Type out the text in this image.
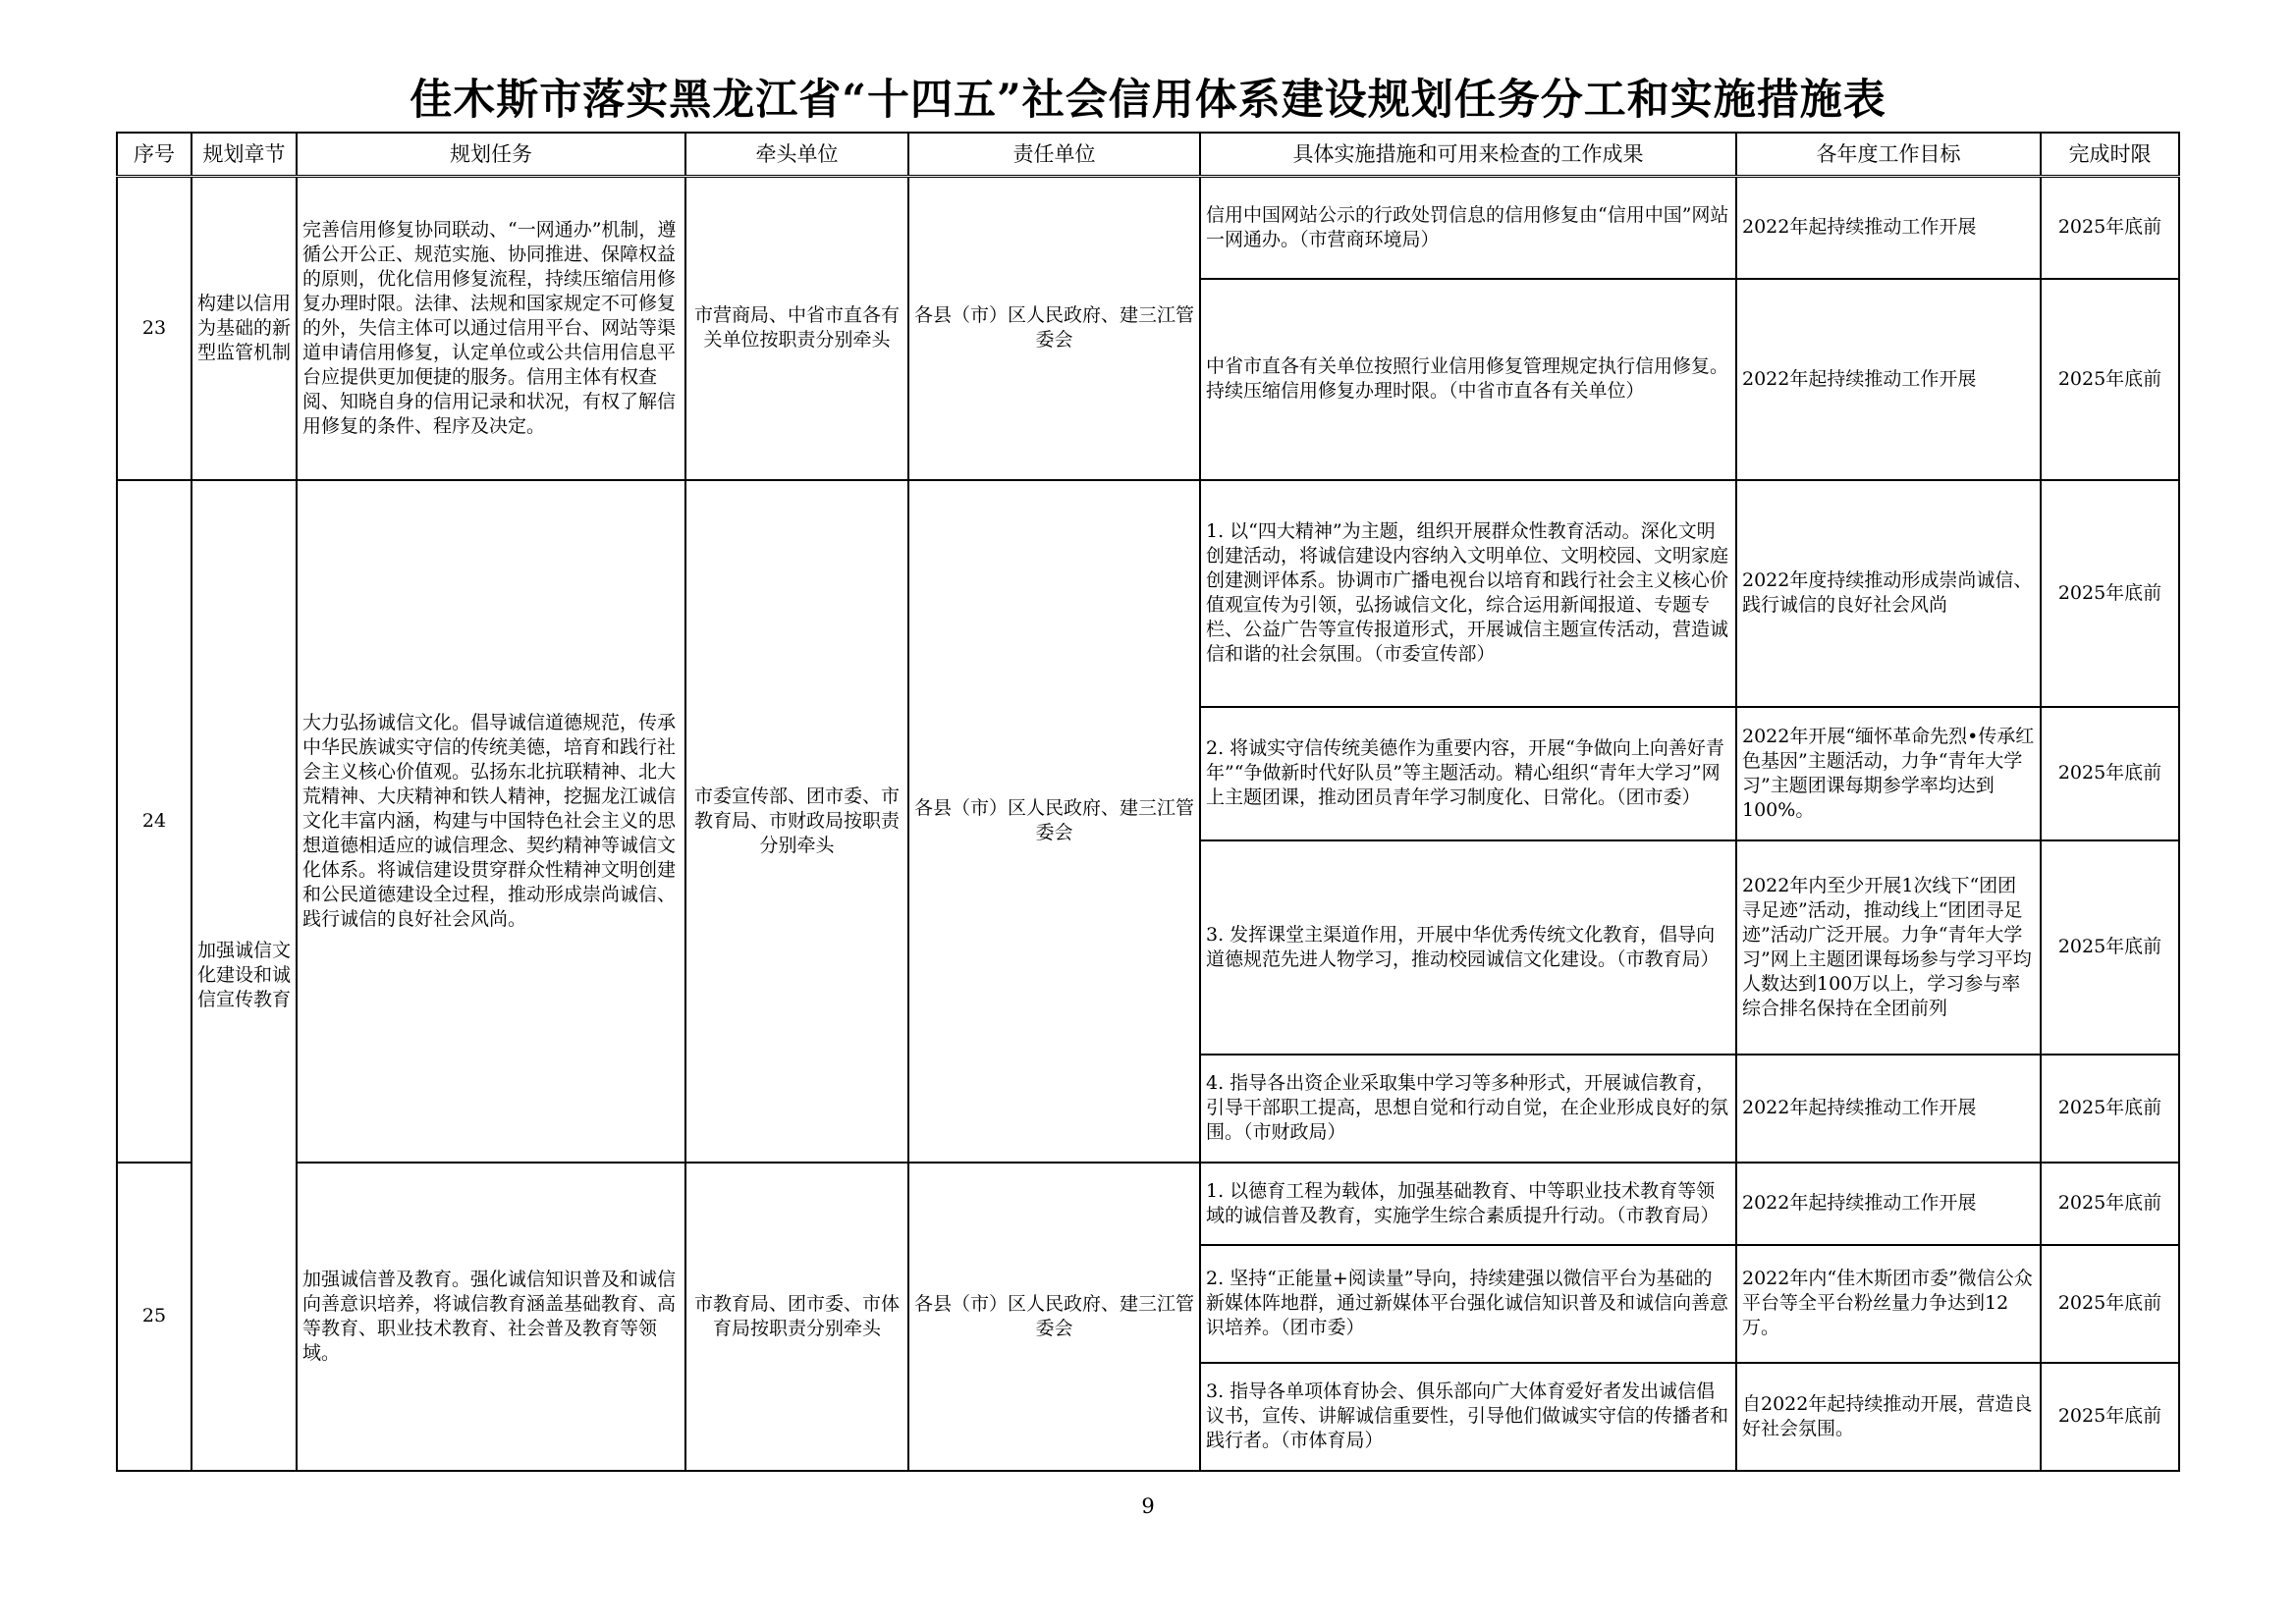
佳木斯市落实黑龙江省“十四五”社会信用体系建设规划任务分工和实施措施表
序号	规划章节	规划任务	牵头单位	责任单位	具体实施措施和可用来检查的工作成果	各年度工作目标	完成时限
23	构建以信用为基础的新型监管机制	完善信用修复协同联动、“一网通办”机制，遵循公开公正、规范实施、协同推进、保障权益的原则，优化信用修复流程，持续压缩信用修复办理时限。法律、法规和国家规定不可修复的外，失信主体可以通过信用平台、网站等渠道申请信用修复，认定单位或公共信用信息平台应提供更加便捷的服务。信用主体有权查阅、知晓自身的信用记录和状况，有权了解信用修复的条件、程序及决定。	市营商局、中省市直各有关单位按职责分别牵头	各县（市）区人民政府、建三江管委会	信用中国网站公示的行政处罚信息的信用修复由“信用中国”网站一网通办。（市营商环境局）	2022年起持续推动工作开展	2025年底前
					中省市直各有关单位按照行业信用修复管理规定执行信用修复。持续压缩信用修复办理时限。（中省市直各有关单位）	2022年起持续推动工作开展	2025年底前
24	加强诚信文化建设和诚信宣传教育	大力弘扬诚信文化。倡导诚信道德规范，传承中华民族诚实守信的传统美德，培育和践行社会主义核心价值观。弘扬东北抗联精神、北大荒精神、大庆精神和铁人精神，挖掘龙江诚信文化丰富内涵，构建与中国特色社会主义的思想道德相适应的诚信理念、契约精神等诚信文化体系。将诚信建设贯穿群众性精神文明创建和公民道德建设全过程，推动形成崇尚诚信、践行诚信的良好社会风尚。	市委宣传部、团市委、市教育局、市财政局按职责分别牵头	各县（市）区人民政府、建三江管委会	1. 以“四大精神”为主题，组织开展群众性教育活动。深化文明创建活动，将诚信建设内容纳入文明单位、文明校园、文明家庭创建测评体系。协调市广播电视台以培育和践行社会主义核心价值观宣传为引领，弘扬诚信文化，综合运用新闻报道、专题专栏、公益广告等宣传报道形式，开展诚信主题宣传活动，营造诚信和谐的社会氛围。（市委宣传部）	2022年度持续推动形成崇尚诚信、践行诚信的良好社会风尚	2025年底前
					2. 将诚实守信传统美德作为重要内容，开展“争做向上向善好青年”“争做新时代好队员”等主题活动。精心组织“青年大学习”网上主题团课，推动团员青年学习制度化、日常化。（团市委）	2022年开展“缅怀革命先烈•传承红色基因”主题活动，力争“青年大学习”主题团课每期参学率均达到100%。	2025年底前
					3. 发挥课堂主渠道作用，开展中华优秀传统文化教育，倡导向道德规范先进人物学习，推动校园诚信文化建设。（市教育局）	2022年内至少开展1次线下“团团寻足迹”活动，推动线上“团团寻足迹”活动广泛开展。力争“青年大学习”网上主题团课每场参与学习平均人数达到100万以上，学习参与率综合排名保持在全团前列	2025年底前
					4. 指导各出资企业采取集中学习等多种形式，开展诚信教育，引导干部职工提高，思想自觉和行动自觉，在企业形成良好的氛围。（市财政局）	2022年起持续推动工作开展	2025年底前
25		加强诚信普及教育。强化诚信知识普及和诚信向善意识培养，将诚信教育涵盖基础教育、高等教育、职业技术教育、社会普及教育等领域。	市教育局、团市委、市体育局按职责分别牵头	各县（市）区人民政府、建三江管委会	1. 以德育工程为载体，加强基础教育、中等职业技术教育等领域的诚信普及教育，实施学生综合素质提升行动。（市教育局）	2022年起持续推动工作开展	2025年底前
					2. 坚持“正能量+阅读量”导向，持续建强以微信平台为基础的新媒体阵地群，通过新媒体平台强化诚信知识普及和诚信向善意识培养。（团市委）	2022年内“佳木斯团市委”微信公众平台等全平台粉丝量力争达到12万。	2025年底前
					3. 指导各单项体育协会、俱乐部向广大体育爱好者发出诚信倡议书，宣传、讲解诚信重要性，引导他们做诚实守信的传播者和践行者。（市体育局）	自2022年起持续推动开展，营造良好社会氛围。	2025年底前
9
